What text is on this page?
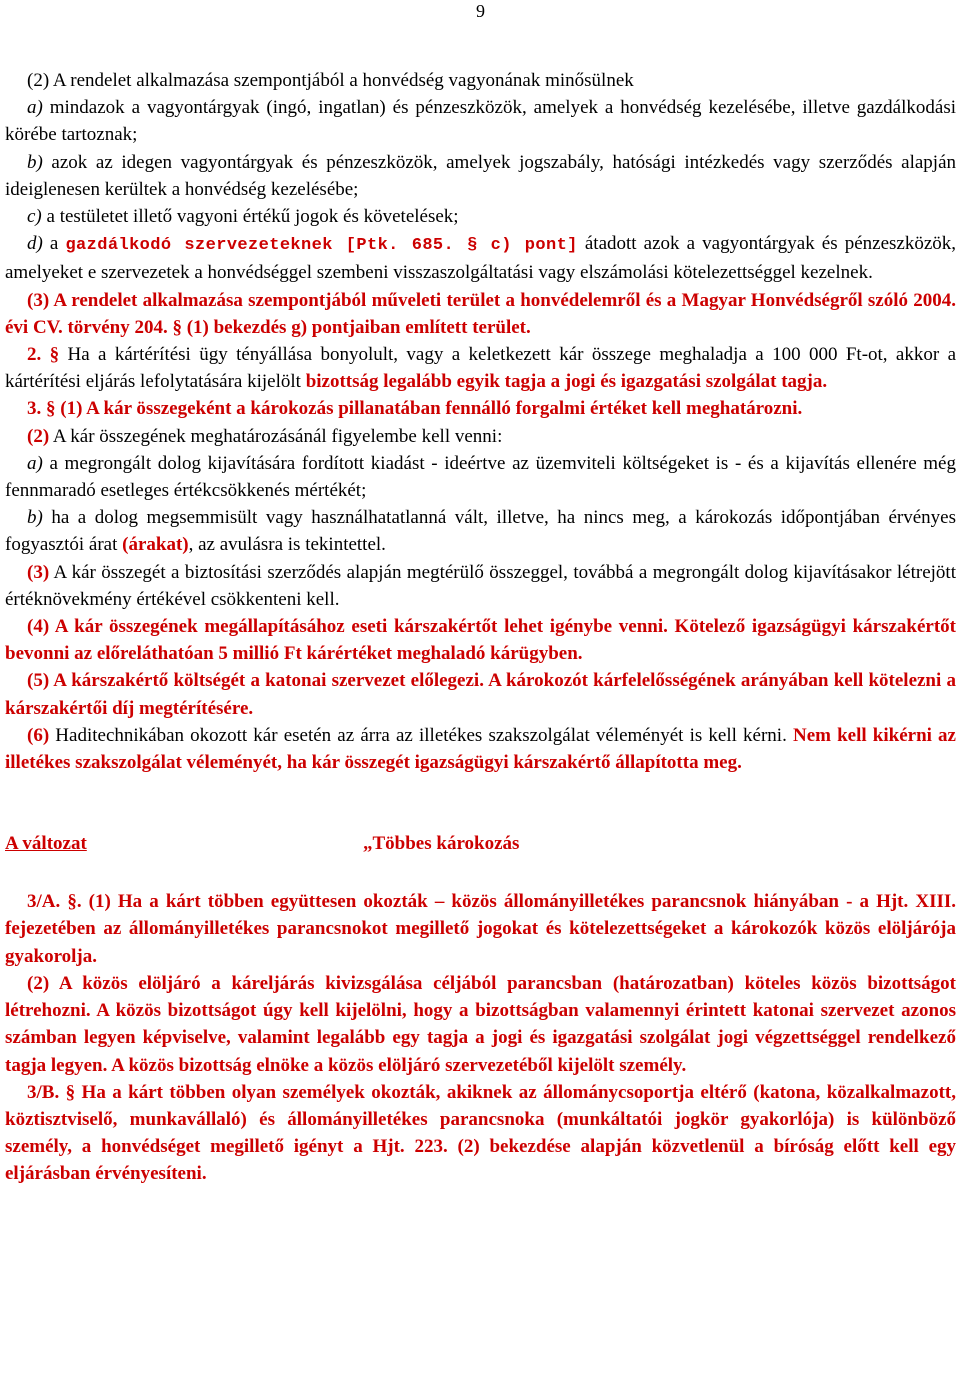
9

(2) A rendelet alkalmazása szempontjából a honvédség vagyonának minősülnek

a) mindazok a vagyontárgyak (ingó, ingatlan) és pénzeszközök, amelyek a honvédség kezelésébe, illetve gazdálkodási körébe tartoznak;

b) azok az idegen vagyontárgyak és pénzeszközök, amelyek jogszabály, hatósági intézkedés vagy szerződés alapján ideiglenesen kerültek a honvédség kezelésébe;

c) a testületet illető vagyoni értékű jogok és követelések;

d) a gazdálkodó szervezeteknek [Ptk. 685. § c) pont] átadott azok a vagyontárgyak és pénzeszközök, amelyeket e szervezetek a honvédséggel szembeni visszaszolgáltatási vagy elszámolási kötelezettséggel kezelnek.

(3) A rendelet alkalmazása szempontjából műveleti terület a honvédelemről és a Magyar Honvédségről szóló 2004. évi CV. törvény 204. § (1) bekezdés g) pontjaiban említett terület.

2. § Ha a kártérítési ügy tényállása bonyolult, vagy a keletkezett kár összege meghaladja a 100 000 Ft-ot, akkor a kártérítési eljárás lefolytatására kijelölt bizottság legalább egyik tagja a jogi és igazgatási szolgálat tagja.

3. § (1) A kár összegeként a károkozás pillanatában fennálló forgalmi értéket kell meghatározni.

(2) A kár összegének meghatározásánál figyelembe kell venni:

a) a megrongált dolog kijavítására fordított kiadást - ideértve az üzemviteli költségeket is - és a kijavítás ellenére még fennmaradó esetleges értékcsökkenés mértékét;

b) ha a dolog megsemmisült vagy használhatatlanná vált, illetve, ha nincs meg, a károkozás időpontjában érvényes fogyasztói árat (árakat), az avulásra is tekintettel.

(3) A kár összegét a biztosítási szerződés alapján megtérülő összeggel, továbbá a megrongált dolog kijavításakor létrejött értéknövekmény értékével csökkenteni kell.

(4) A kár összegének megállapításához eseti kárszakértőt lehet igénybe venni. Kötelező igazságügyi kárszakértőt bevonni az előreláthatóan 5 millió Ft kárértéket meghaladó kárügyben.

(5) A kárszakértő költségét a katonai szervezet előlegezi. A károkozót kárfelelősségének arányában kell kötelezni a kárszakértői díj megtérítésére.

(6) Haditechnikában okozott kár esetén az árra az illetékes szakszolgálat véleményét is kell kérni. Nem kell kikérni az illetékes szakszolgálat véleményét, ha kár összegét igazságügyi kárszakértő állapította meg.

A változat	„Többes károkozás

3/A. §. (1) Ha a kárt többen együttesen okozták – közös állományilletékes parancsnok hiányában - a Hjt. XIII. fejezetében az állományilletékes parancsnokot megillető jogokat és kötelezettségeket a károkozók közös elöljárója gyakorolja.

(2) A közös elöljáró a káreljárás kivizsgálása céljából parancsban (határozatban) köteles közös bizottságot létrehozni. A közös bizottságot úgy kell kijelölni, hogy a bizottságban valamennyi érintett katonai szervezet azonos számban legyen képviselve, valamint legalább egy tagja a jogi és igazgatási szolgálat jogi végzettséggel rendelkező tagja legyen. A közös bizottság elnöke a közös elöljáró szervezetéből kijelölt személy.

3/B. § Ha a kárt többen olyan személyek okozták, akiknek az állománycsoportja eltérő (katona, közalkalmazott, köztisztviselő, munkavállaló) és állományilletékes parancsnoka (munkáltatói jogkör gyakorlója) is különböző személy, a honvédséget megillető igényt a Hjt. 223. (2) bekezdése alapján közvetlenül a bíróság előtt kell egy eljárásban érvényesíteni.
